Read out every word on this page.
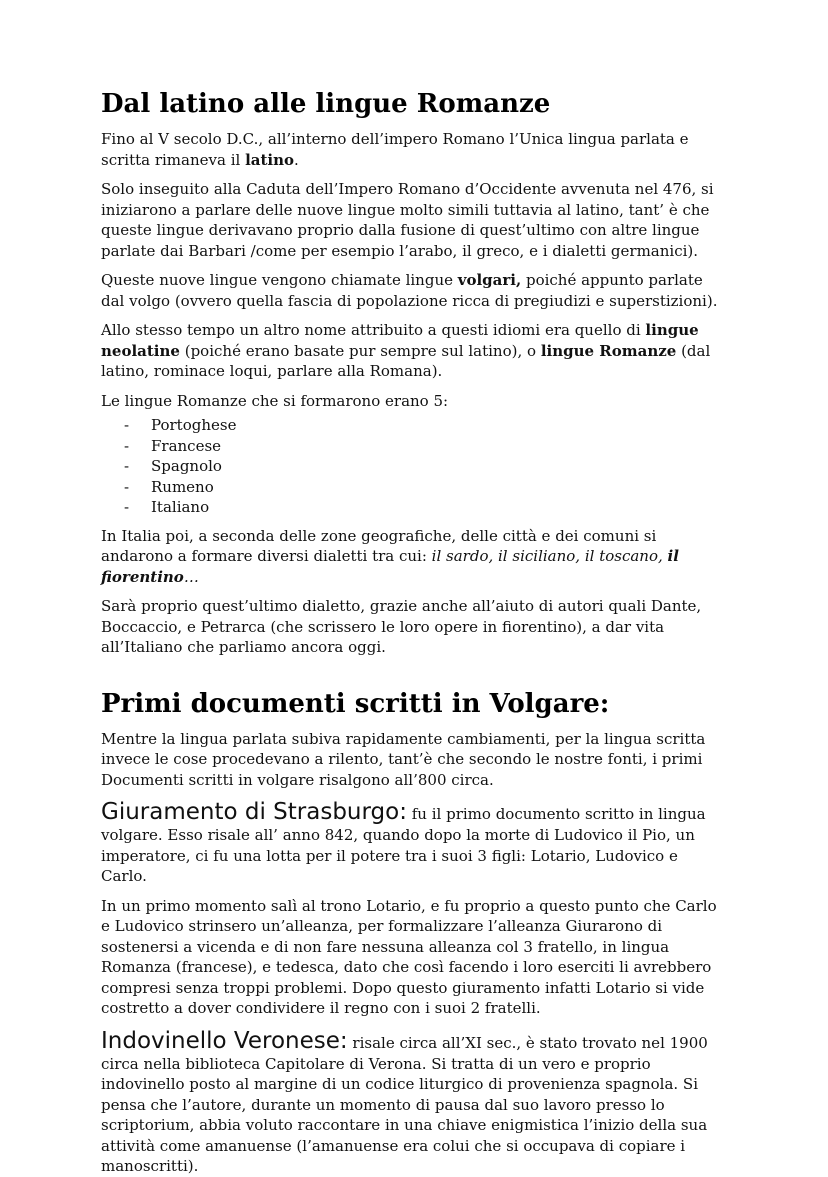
Dal latino alle lingue Romanze

Fino al V secolo D.C., all’interno dell’impero Romano l’Unica lingua parlata e scritta rimaneva il latino.

Solo inseguito alla Caduta dell’Impero Romano d’Occidente avvenuta nel 476, si iniziarono a parlare delle nuove lingue molto simili tuttavia al latino, tant’ è che queste lingue derivavano proprio dalla fusione di quest’ultimo con altre lingue parlate dai Barbari /come per esempio l’arabo, il greco, e i dialetti germanici).

Queste nuove lingue vengono chiamate lingue volgari, poiché appunto parlate dal volgo (ovvero quella fascia di popolazione ricca di pregiudizi e superstizioni).

Allo stesso tempo un altro nome attribuito a questi idiomi era quello di lingue neolatine (poiché erano basate pur sempre sul latino), o lingue Romanze (dal latino, rominace loqui, parlare alla Romana).

Le lingue Romanze che si formarono erano 5:

- Portoghese
- Francese
- Spagnolo
- Rumeno
- Italiano

In Italia poi, a seconda delle zone geografiche, delle città e dei comuni si andarono a formare diversi dialetti tra cui: il sardo, il siciliano, il toscano, il fiorentino…

Sarà proprio quest’ultimo dialetto, grazie anche all’aiuto di autori quali Dante, Boccaccio, e Petrarca (che scrissero le loro opere in fiorentino), a dar vita all’Italiano che parliamo ancora oggi.

Primi documenti scritti in Volgare:

Mentre la lingua parlata subiva rapidamente cambiamenti, per la lingua scritta invece le cose procedevano a rilento, tant’è che secondo le nostre fonti, i primi Documenti scritti in volgare risalgono all’800 circa.

Giuramento di Strasburgo: fu il primo documento scritto in lingua volgare. Esso risale all’ anno 842, quando dopo la morte di Ludovico il Pio, un imperatore, ci fu una lotta per il potere tra i suoi 3 figli: Lotario, Ludovico e Carlo.

In un primo momento salì al trono Lotario, e fu proprio a questo punto che Carlo e Ludovico strinsero un’alleanza, per formalizzare l’alleanza Giurarono di sostenersi a vicenda e di non fare nessuna alleanza col 3 fratello, in lingua Romanza (francese), e tedesca, dato che così facendo i loro eserciti li avrebbero compresi senza troppi problemi. Dopo questo giuramento infatti Lotario si vide costretto a dover condividere il regno con i suoi 2 fratelli.

Indovinello Veronese: risale circa all’XI sec., è stato trovato nel 1900 circa nella biblioteca Capitolare di Verona. Si tratta di un vero e proprio indovinello posto al margine di un codice liturgico di provenienza spagnola. Si pensa che l’autore, durante un momento di pausa dal suo lavoro presso lo scriptorium, abbia voluto raccontare in una chiave enigmistica l’inizio della sua attività come amanuense (l’amanuense era colui che si occupava di copiare i manoscritti).
